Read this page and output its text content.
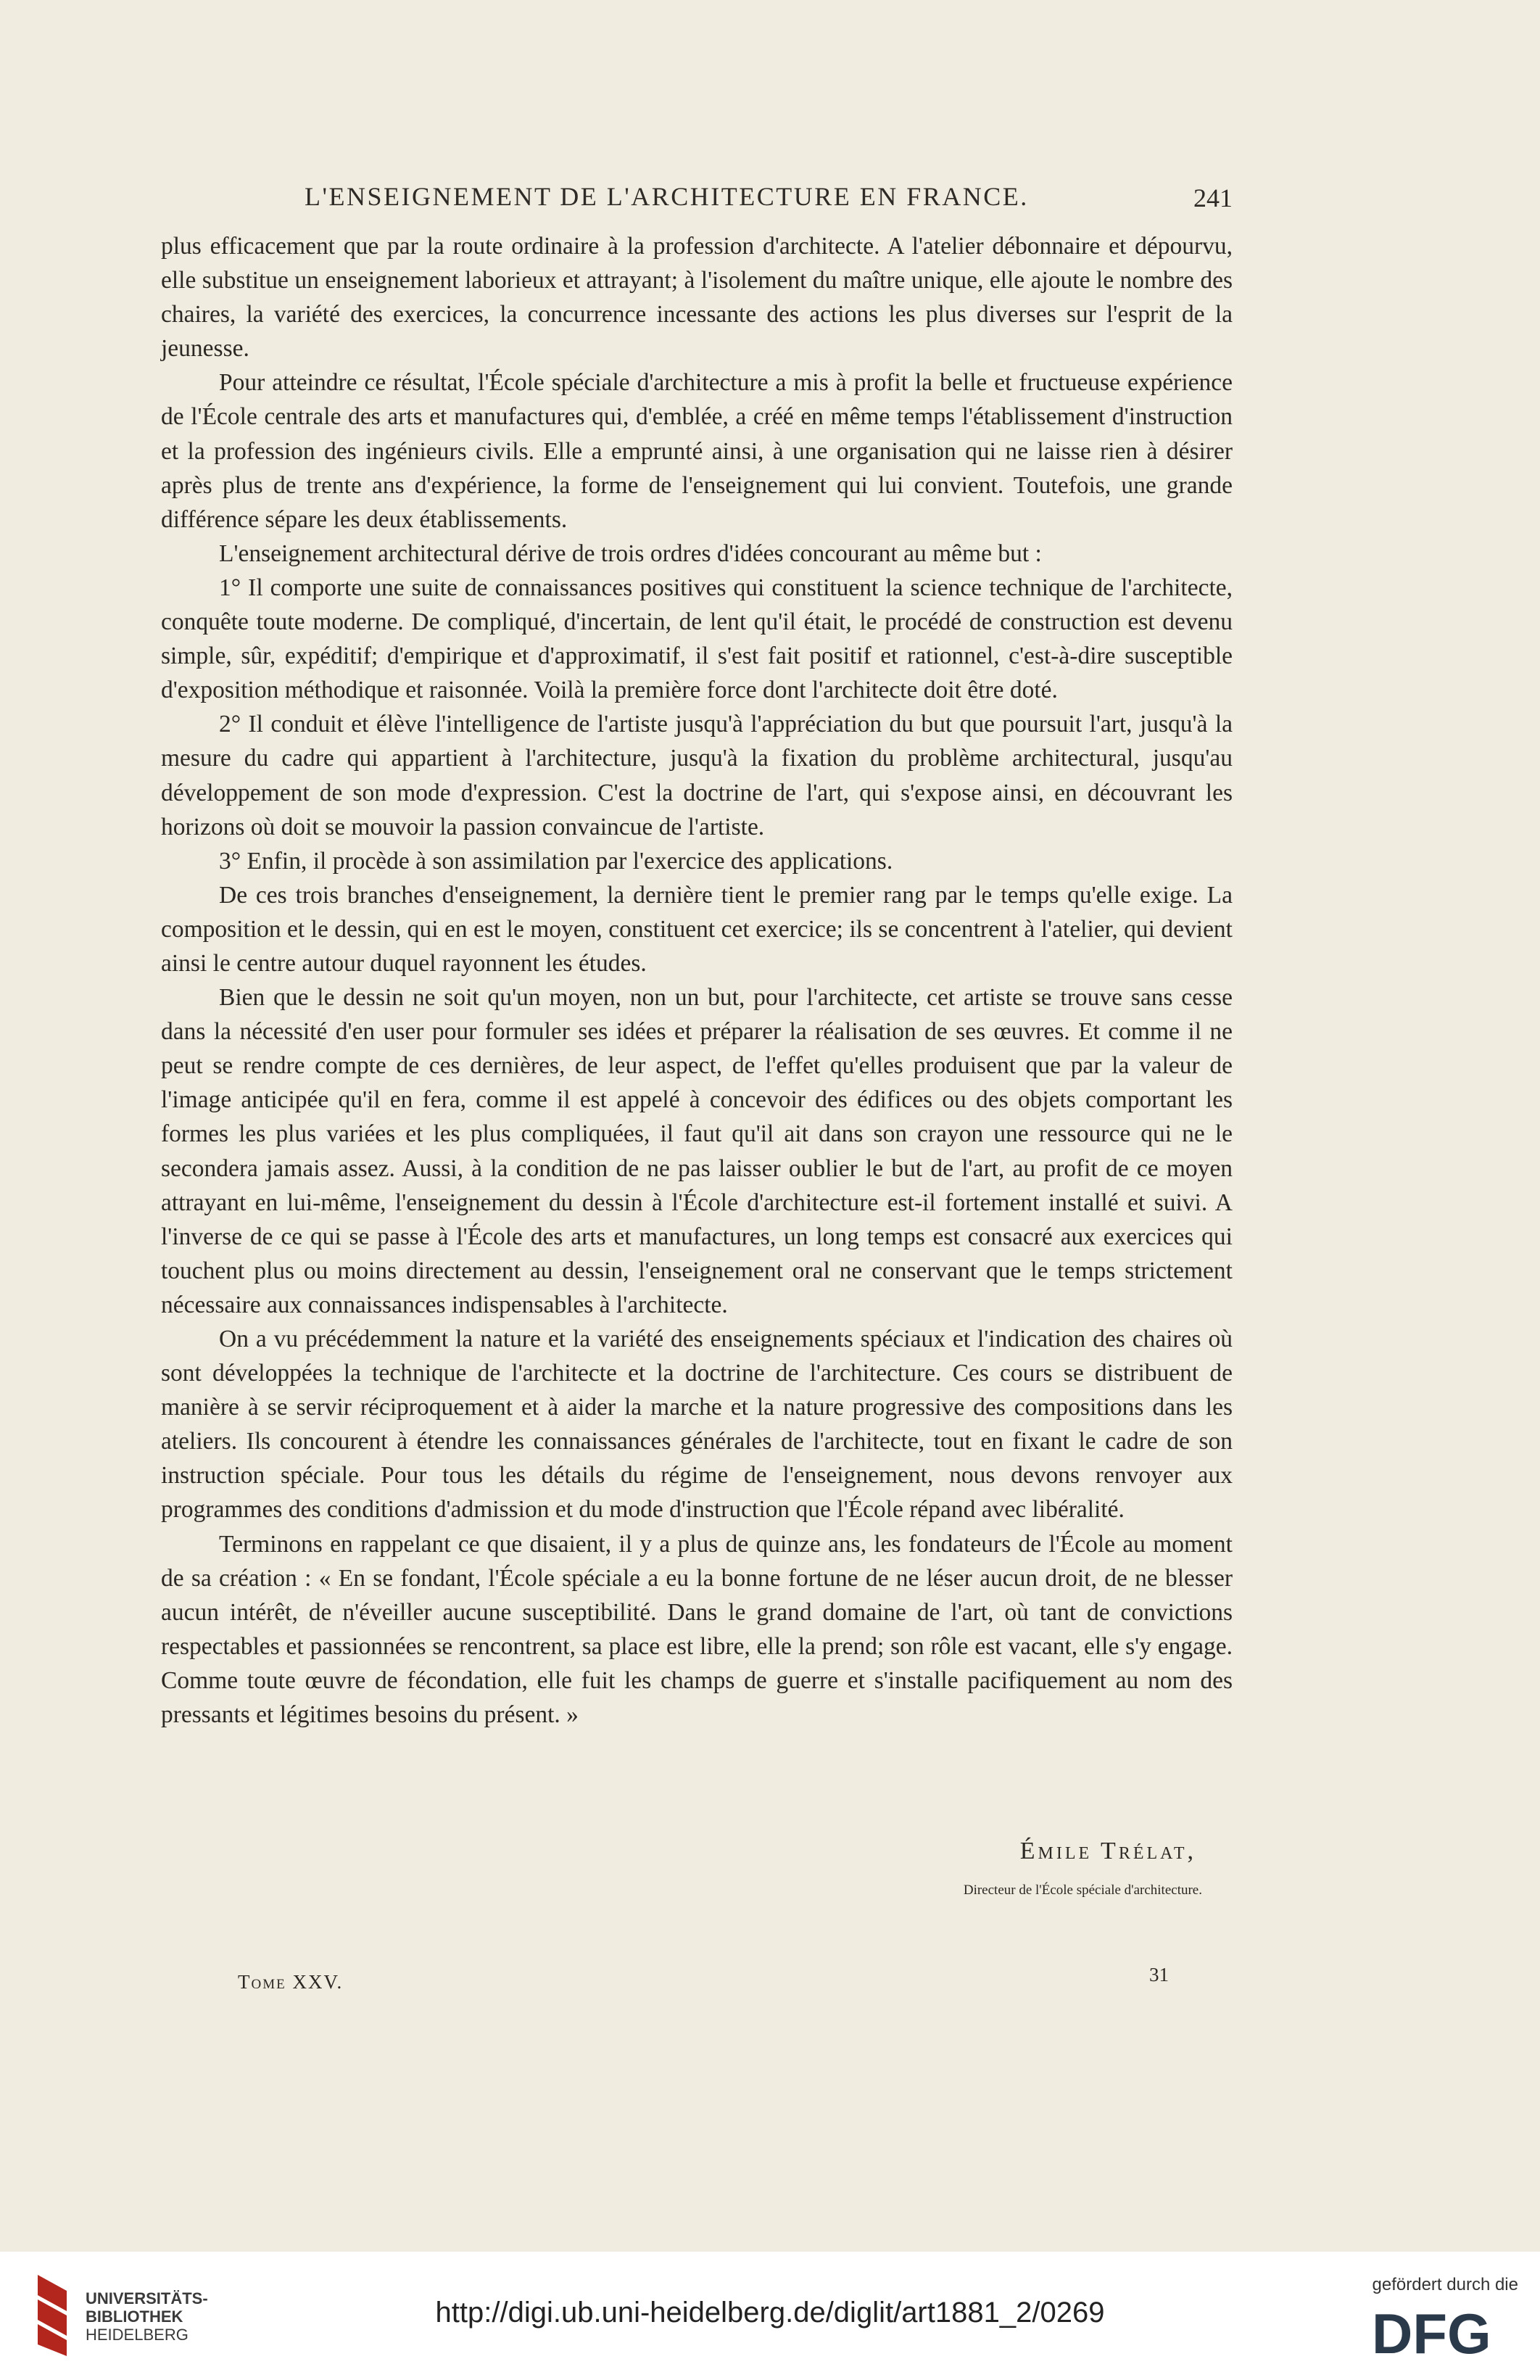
L'ENSEIGNEMENT DE L'ARCHITECTURE EN FRANCE.	241

plus efficacement que par la route ordinaire à la profession d'architecte. A l'atelier débonnaire et dépourvu, elle substitue un enseignement laborieux et attrayant; à l'isolement du maître unique, elle ajoute le nombre des chaires, la variété des exercices, la concurrence incessante des actions les plus diverses sur l'esprit de la jeunesse.

Pour atteindre ce résultat, l'École spéciale d'architecture a mis à profit la belle et fructueuse expérience de l'École centrale des arts et manufactures qui, d'emblée, a créé en même temps l'établissement d'instruction et la profession des ingénieurs civils. Elle a emprunté ainsi, à une organisation qui ne laisse rien à désirer après plus de trente ans d'expérience, la forme de l'enseignement qui lui convient. Toutefois, une grande différence sépare les deux établissements.

L'enseignement architectural dérive de trois ordres d'idées concourant au même but :

1° Il comporte une suite de connaissances positives qui constituent la science technique de l'architecte, conquête toute moderne. De compliqué, d'incertain, de lent qu'il était, le procédé de construction est devenu simple, sûr, expéditif; d'empirique et d'approximatif, il s'est fait positif et rationnel, c'est-à-dire susceptible d'exposition méthodique et raisonnée. Voilà la première force dont l'architecte doit être doté.

2° Il conduit et élève l'intelligence de l'artiste jusqu'à l'appréciation du but que poursuit l'art, jusqu'à la mesure du cadre qui appartient à l'architecture, jusqu'à la fixation du problème architectural, jusqu'au développement de son mode d'expression. C'est la doctrine de l'art, qui s'expose ainsi, en découvrant les horizons où doit se mouvoir la passion convaincue de l'artiste.

3° Enfin, il procède à son assimilation par l'exercice des applications.

De ces trois branches d'enseignement, la dernière tient le premier rang par le temps qu'elle exige. La composition et le dessin, qui en est le moyen, constituent cet exercice; ils se concentrent à l'atelier, qui devient ainsi le centre autour duquel rayonnent les études.

Bien que le dessin ne soit qu'un moyen, non un but, pour l'architecte, cet artiste se trouve sans cesse dans la nécessité d'en user pour formuler ses idées et préparer la réalisation de ses œuvres. Et comme il ne peut se rendre compte de ces dernières, de leur aspect, de l'effet qu'elles produisent que par la valeur de l'image anticipée qu'il en fera, comme il est appelé à concevoir des édifices ou des objets comportant les formes les plus variées et les plus compliquées, il faut qu'il ait dans son crayon une ressource qui ne le secondera jamais assez. Aussi, à la condition de ne pas laisser oublier le but de l'art, au profit de ce moyen attrayant en lui-même, l'enseignement du dessin à l'École d'architecture est-il fortement installé et suivi. A l'inverse de ce qui se passe à l'École des arts et manufactures, un long temps est consacré aux exercices qui touchent plus ou moins directement au dessin, l'enseignement oral ne conservant que le temps strictement nécessaire aux connaissances indispensables à l'architecte.

On a vu précédemment la nature et la variété des enseignements spéciaux et l'indication des chaires où sont développées la technique de l'architecte et la doctrine de l'architecture. Ces cours se distribuent de manière à se servir réciproquement et à aider la marche et la nature progressive des compositions dans les ateliers. Ils concourent à étendre les connaissances générales de l'architecte, tout en fixant le cadre de son instruction spéciale. Pour tous les détails du régime de l'enseignement, nous devons renvoyer aux programmes des conditions d'admission et du mode d'instruction que l'École répand avec libéralité.

Terminons en rappelant ce que disaient, il y a plus de quinze ans, les fondateurs de l'École au moment de sa création : « En se fondant, l'École spéciale a eu la bonne fortune de ne léser aucun droit, de ne blesser aucun intérêt, de n'éveiller aucune susceptibilité. Dans le grand domaine de l'art, où tant de convictions respectables et passionnées se rencontrent, sa place est libre, elle la prend; son rôle est vacant, elle s'y engage. Comme toute œuvre de fécondation, elle fuit les champs de guerre et s'installe pacifiquement au nom des pressants et légitimes besoins du présent. »

Émile Trélat,
Directeur de l'École spéciale d'architecture.
Tome XXV.	31
UNIVERSITÄTS-
BIBLIOTHEK
HEIDELBERG
http://digi.ub.uni-heidelberg.de/diglit/art1881_2/0269
gefördert durch die
DFG
